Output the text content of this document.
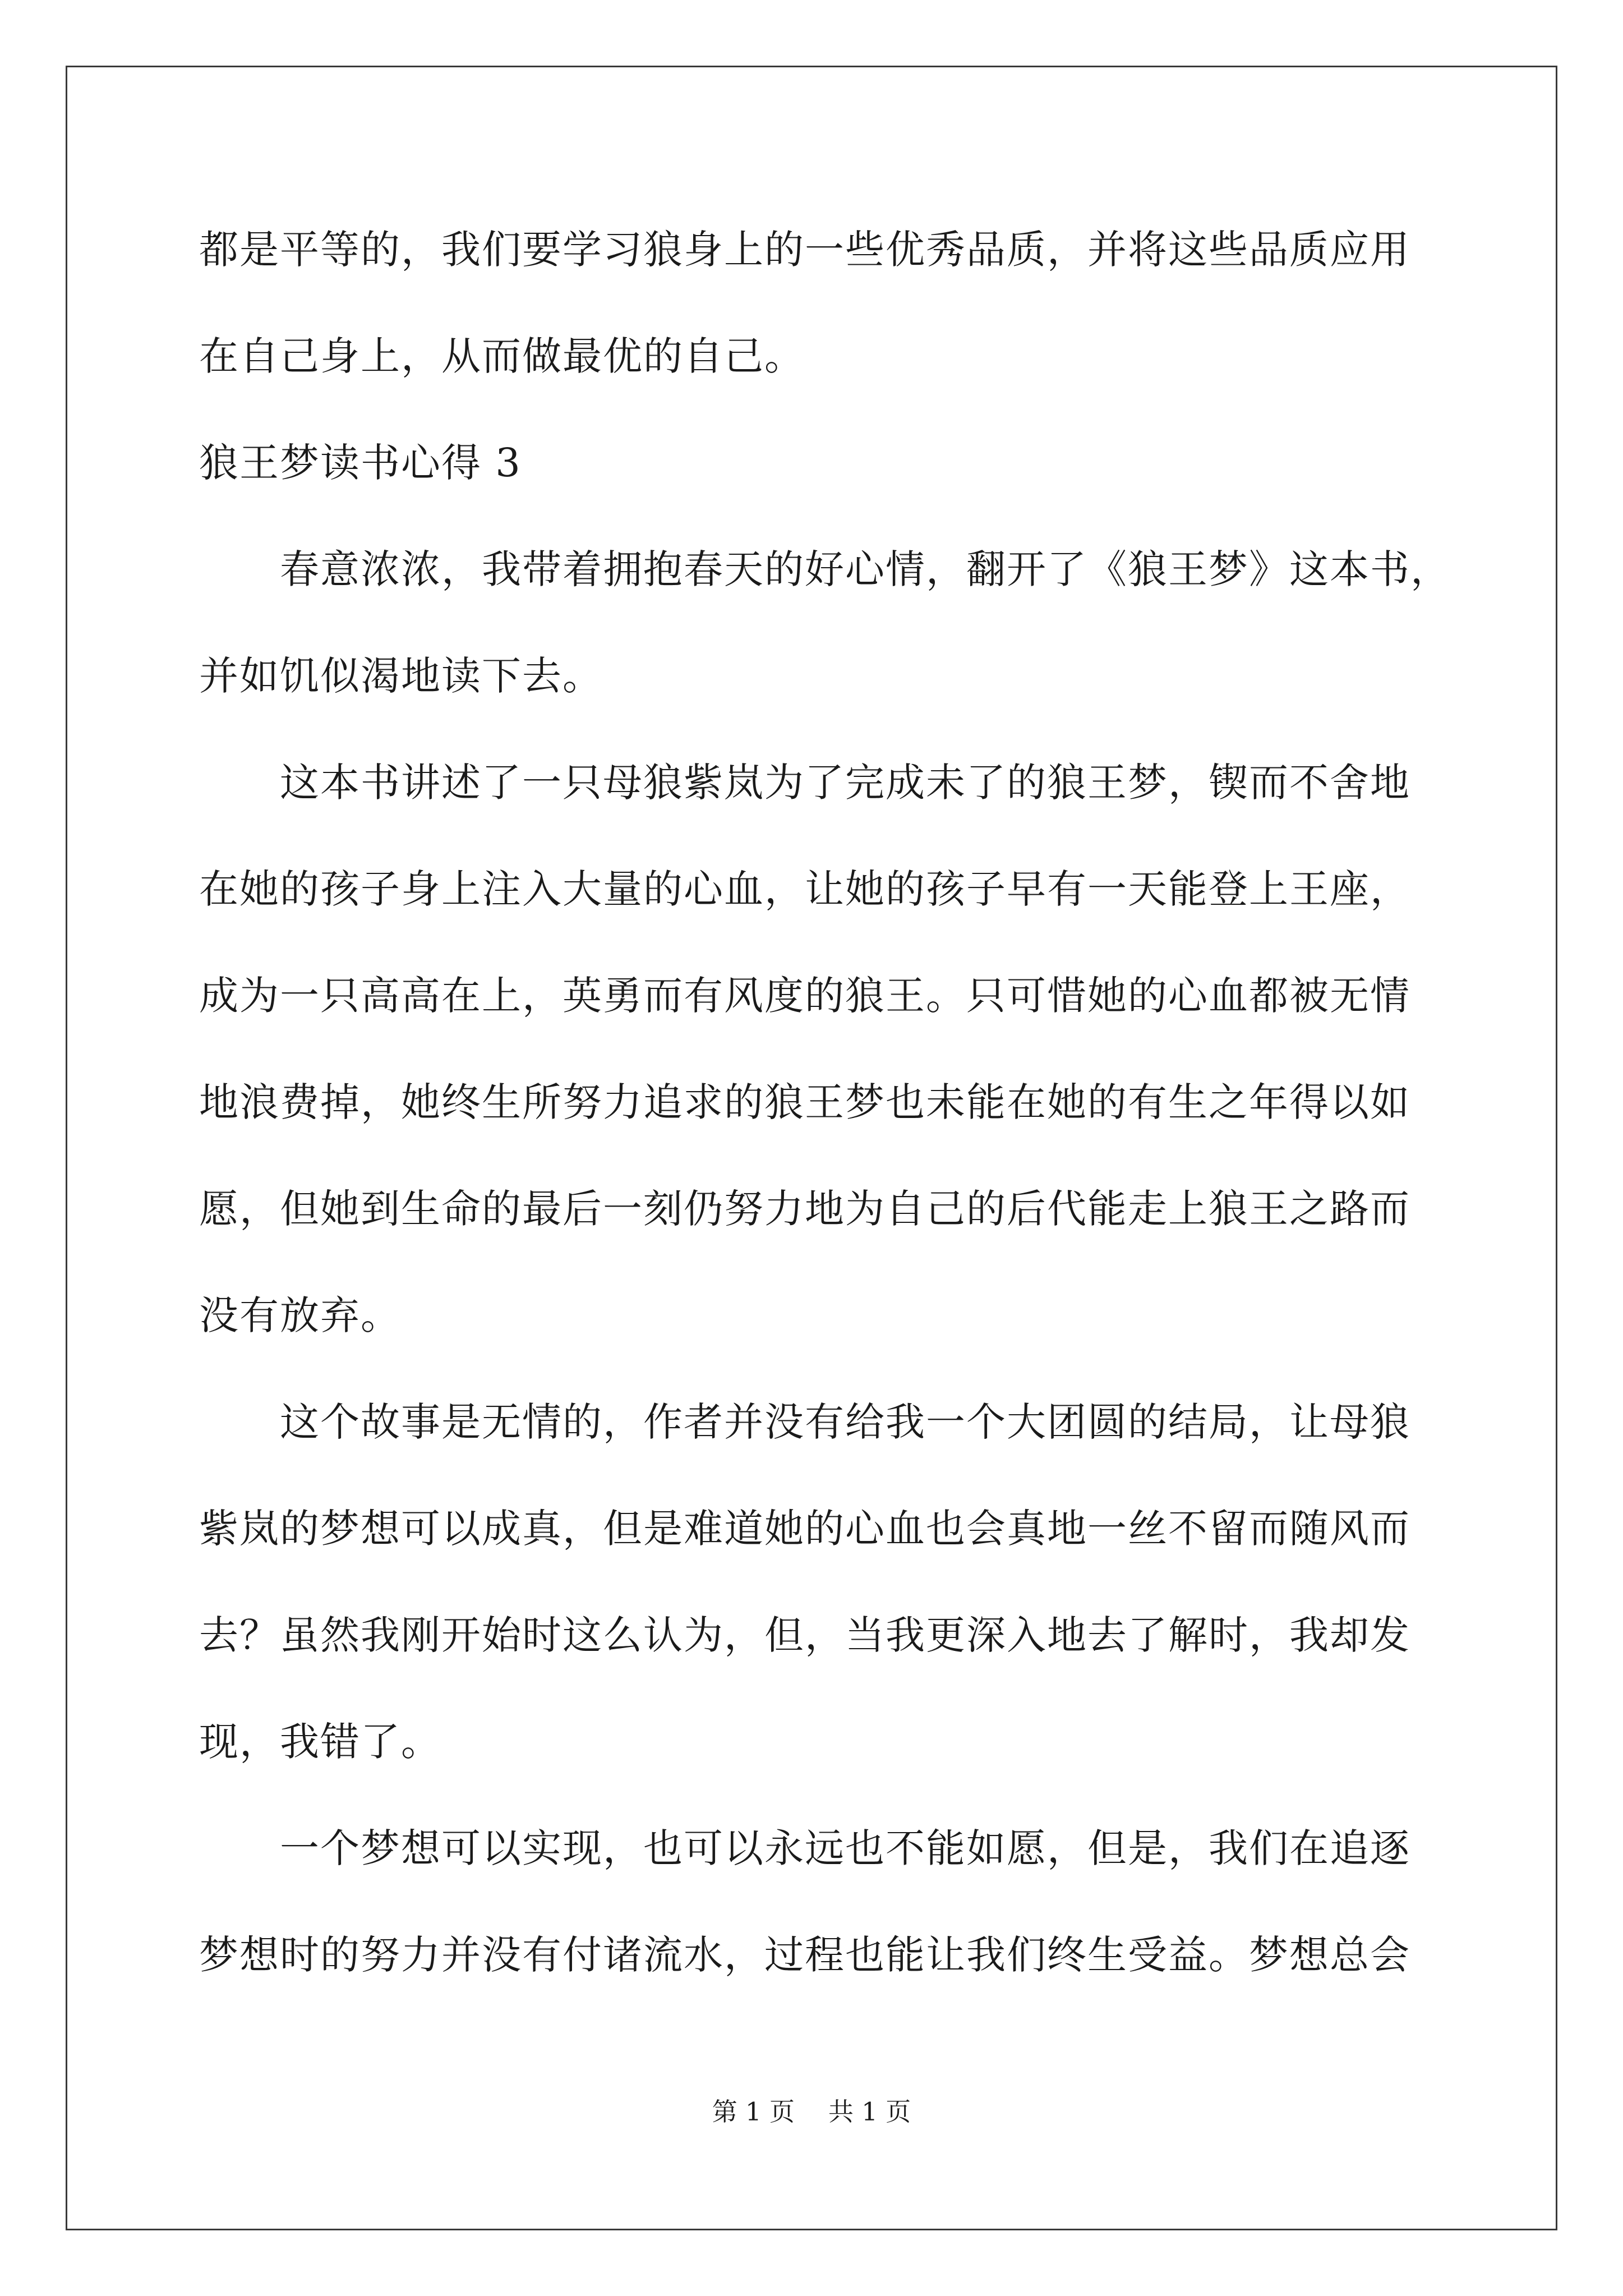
都是平等的，我们要学习狼身上的一些优秀品质，并将这些品质应用
在自己身上，从而做最优的自己。
狼王梦读书心得 3
　　春意浓浓，我带着拥抱春天的好心情，翻开了《狼王梦》这本书，
并如饥似渴地读下去。
　　这本书讲述了一只母狼紫岚为了完成未了的狼王梦，锲而不舍地
在她的孩子身上注入大量的心血，让她的孩子早有一天能登上王座，
成为一只高高在上，英勇而有风度的狼王。只可惜她的心血都被无情
地浪费掉，她终生所努力追求的狼王梦也未能在她的有生之年得以如
愿，但她到生命的最后一刻仍努力地为自己的后代能走上狼王之路而
没有放弃。
　　这个故事是无情的，作者并没有给我一个大团圆的结局，让母狼
紫岚的梦想可以成真，但是难道她的心血也会真地一丝不留而随风而
去？虽然我刚开始时这么认为，但，当我更深入地去了解时，我却发
现，我错了。
　　一个梦想可以实现，也可以永远也不能如愿，但是，我们在追逐
梦想时的努力并没有付诸流水，过程也能让我们终生受益。梦想总会
第 1 页 共 1 页
